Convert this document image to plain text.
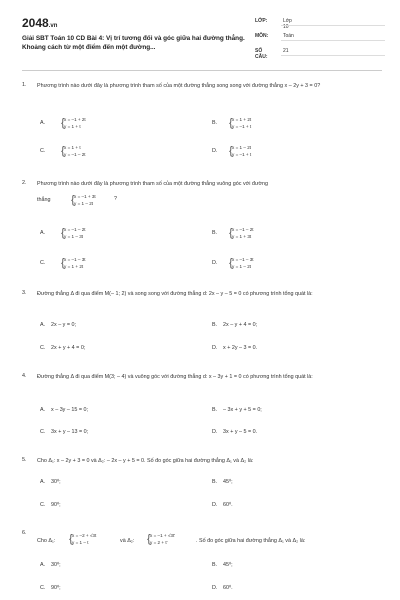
2048.vn
Giải SBT Toán 10 CD Bài 4: Vị trí tương đối và góc giữa hai đường thẳng. Khoảng cách từ một điểm đến một đường...
LỚP:	Lớp 10
MÔN:	Toán
SỐ CÂU:
21
1. Phương trình nào dưới đây là phương trình tham số của một đường thẳng song song với đường thẳng x – 2y + 3 = 0?
A. { x = –1 + 2t
y = 1 + t
B. { x = 1 + 2t
y = –1 + t
C. { x = 1 + t
y = –1 – 2t
D. { x = 1 – 2t
y = –1 + t
2. Phương trình nào dưới đây là phương trình tham số của một đường thẳng vuông góc với đường
thẳng { x = –1 + 3t
y = 1 – 2t
?
A. { x = –1 – 2t
y = 1 – 3t
B. { x = –1 – 2t
y = 1 + 3t
C. { x = –1 – 3t
y = 1 + 2t
D. { x = –1 – 3t
y = 1 – 2t
3. Đường thẳng Δ đi qua điểm M(– 1; 2) và song song với đường thẳng d: 2x – y – 5 = 0 có phương trình tổng quát là:
A. 2x – y = 0;	B. 2x – y + 4 = 0;
C. 2x + y + 4 = 0;	D. x + 2y – 3 = 0.
4. Đường thẳng Δ đi qua điểm M(3; – 4) và vuông góc với đường thẳng d: x – 3y + 1 = 0 có phương trình tổng quát là:
A. x – 3y – 15 = 0;	B. – 3x + y + 5 = 0;
C. 3x + y – 13 = 0;	D. 3x + y – 5 = 0.
5. Cho Δ₁: x – 2y + 3 = 0 và Δ₂: – 2x – y + 5 = 0. Số đo góc giữa hai đường thẳng Δ₁ và Δ₂ là:
A. 30⁰;	B. 45⁰;
C. 90⁰;	D. 60⁰.
6.
Cho Δ₁: { x = –2 + √3t
y = 1 – t	và Δ₂: { x = –1 + √3t'
y = 2 + t'	. Số đo góc giữa hai đường thẳng Δ₁ và Δ₂ là:
A. 30⁰;	B. 45⁰;
C. 90⁰;	D. 60⁰.
